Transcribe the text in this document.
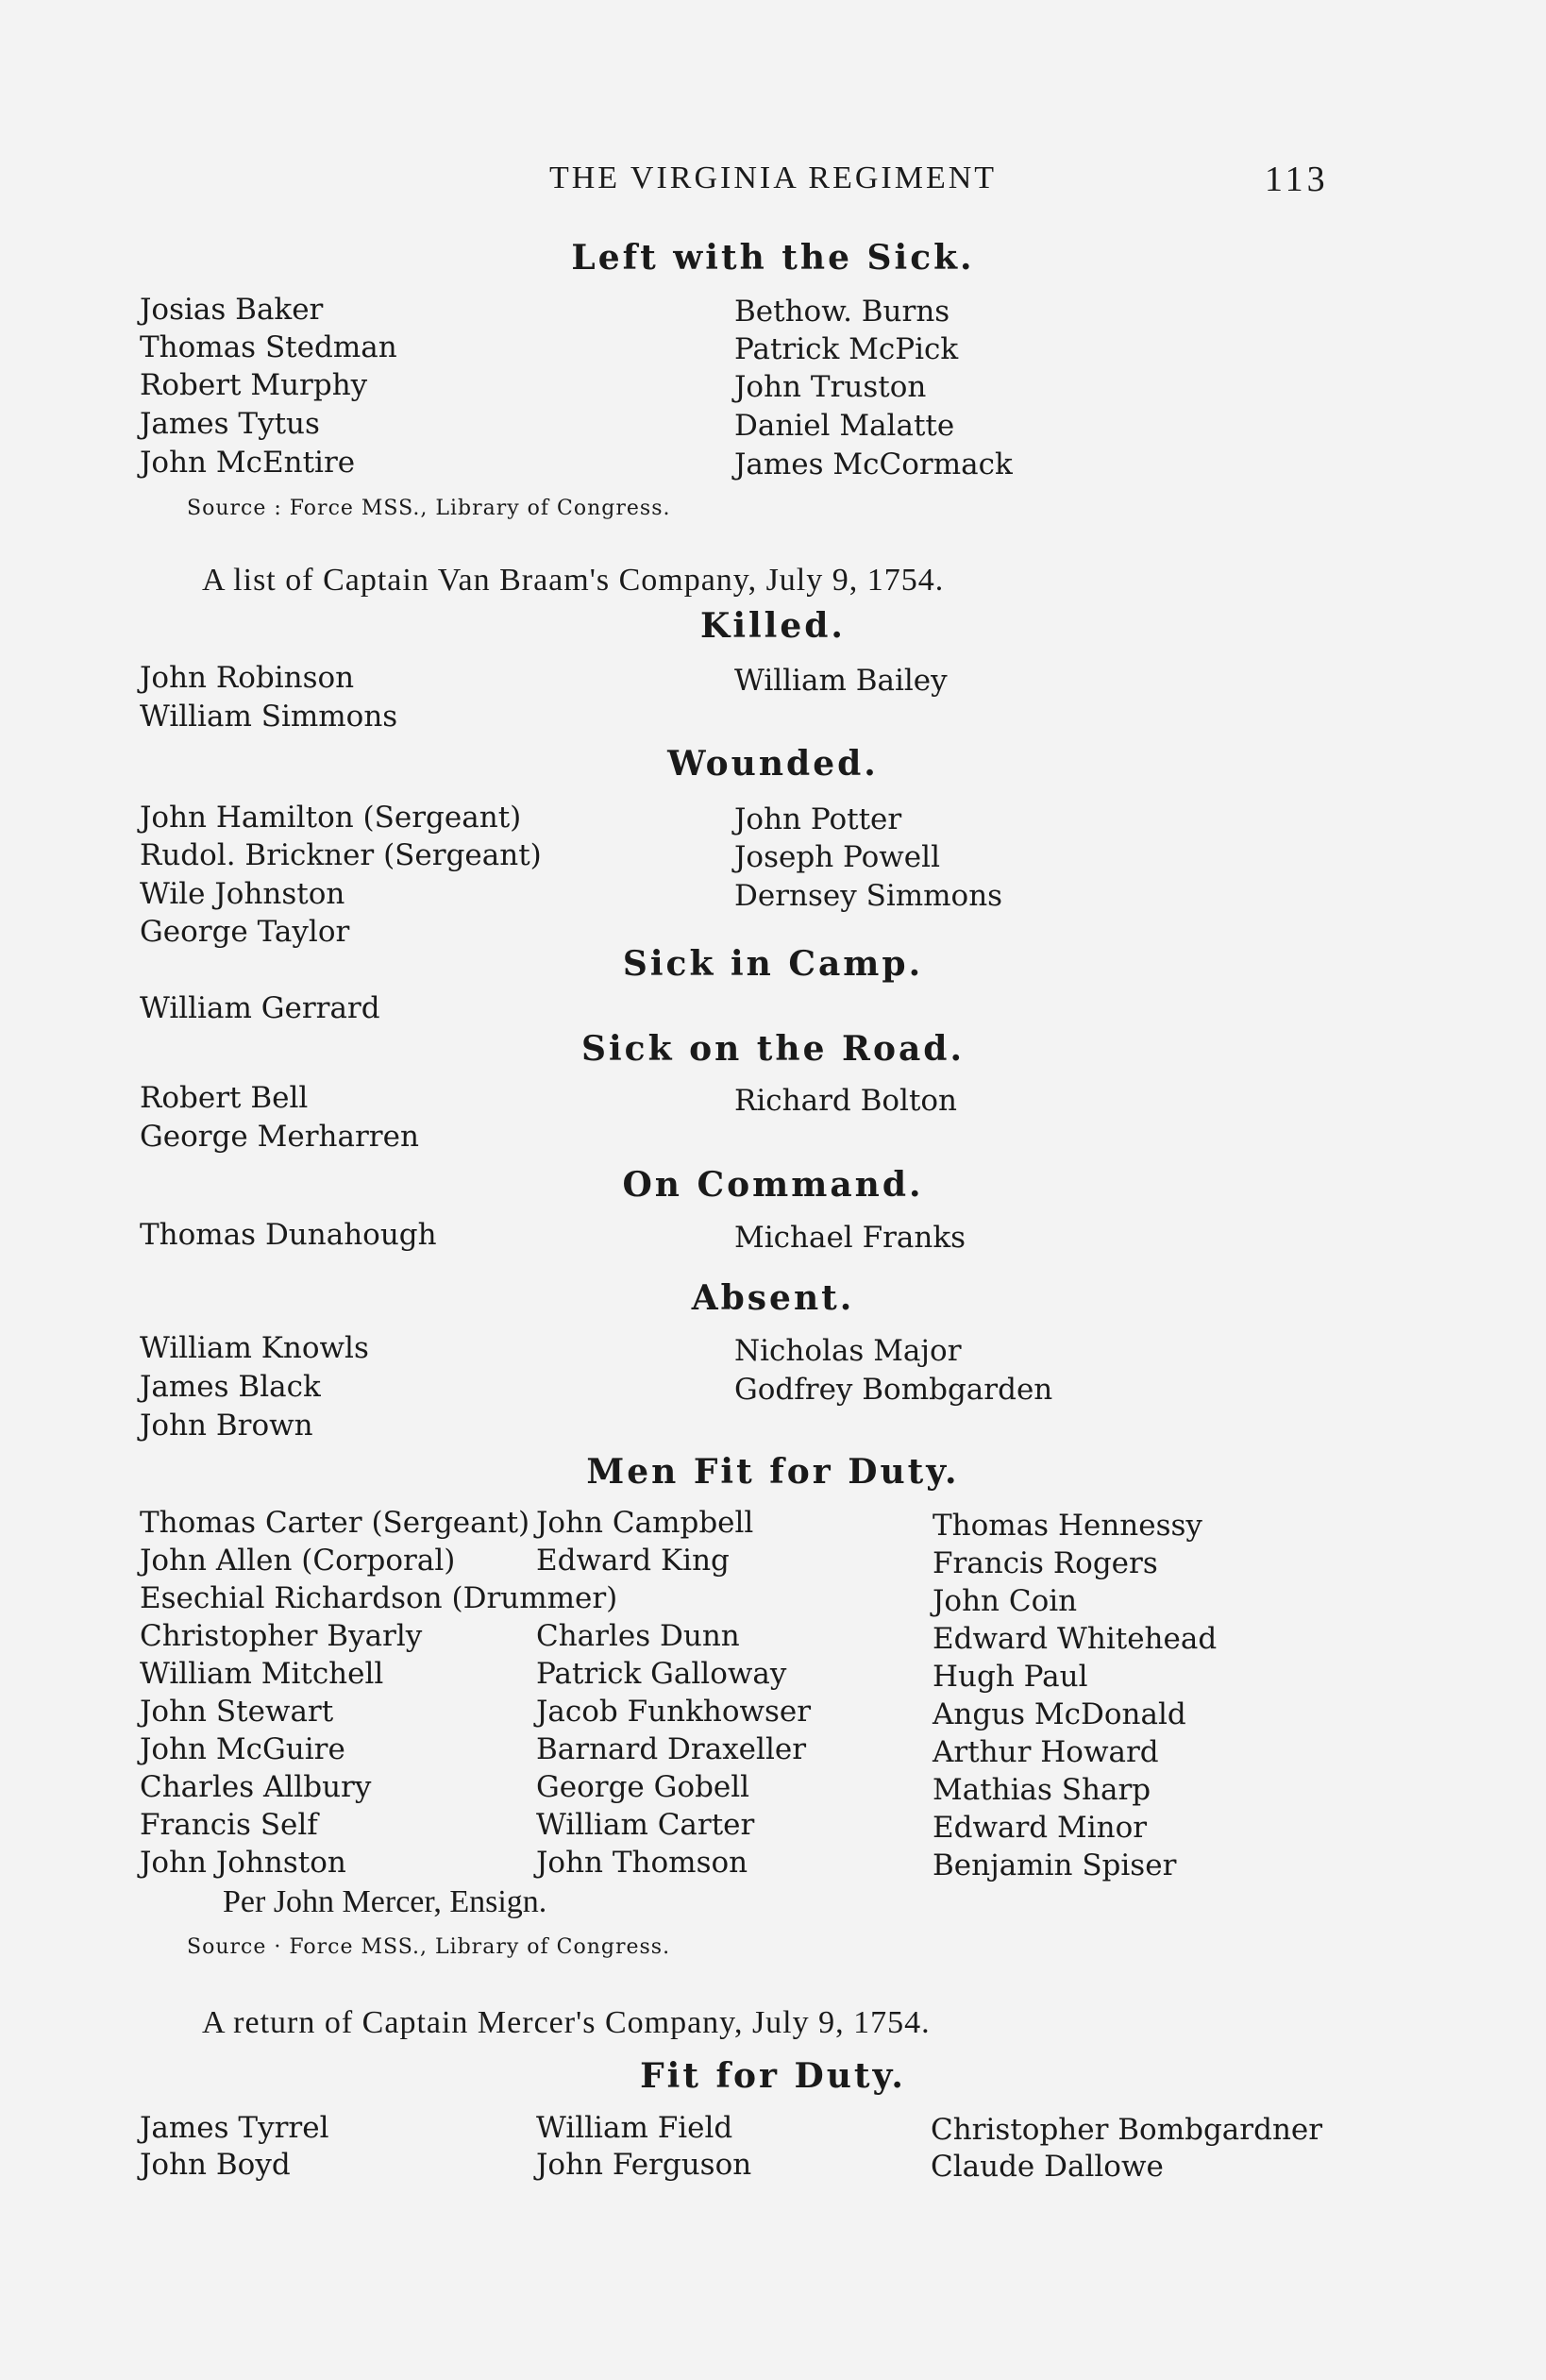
THE VIRGINIA REGIMENT	113
Left with the Sick.
Josias Baker
Thomas Stedman
Robert Murphy
James Tytus
John McEntire
Bethow. Burns
Patrick McPick
John Truston
Daniel Malatte
James McCormack
Source : Force MSS., Library of Congress.
A list of Captain Van Braam's Company, July 9, 1754.
Killed.
John Robinson
William Simmons
William Bailey
Wounded.
John Hamilton (Sergeant)
Rudol. Brickner (Sergeant)
Wile Johnston
George Taylor
John Potter
Joseph Powell
Dernsey Simmons
Sick in Camp.
William Gerrard
Sick on the Road.
Robert Bell
George Merharren
Richard Bolton
On Command.
Thomas Dunahough	Michael Franks
Absent.
William Knowls
James Black
John Brown
Nicholas Major
Godfrey Bombgarden
Men Fit for Duty.
Thomas Carter (Sergeant)
John Allen (Corporal)
Esechial Richardson (Drummer)
Christopher Byarly
William Mitchell
John Stewart
John McGuire
Charles Allbury
Francis Self
John Johnston
John Campbell
Edward King
Charles Dunn
Patrick Galloway
Jacob Funkhowser
Barnard Draxeller
George Gobell
William Carter
John Thomson
Thomas Hennessy
Francis Rogers
John Coin
Edward Whitehead
Hugh Paul
Angus McDonald
Arthur Howard
Mathias Sharp
Edward Minor
Benjamin Spiser
Per John Mercer, Ensign.
Source · Force MSS., Library of Congress.
A return of Captain Mercer's Company, July 9, 1754.
Fit for Duty.
James Tyrrel
John Boyd
William Field
John Ferguson
Christopher Bombgardner
Claude Dallowe
